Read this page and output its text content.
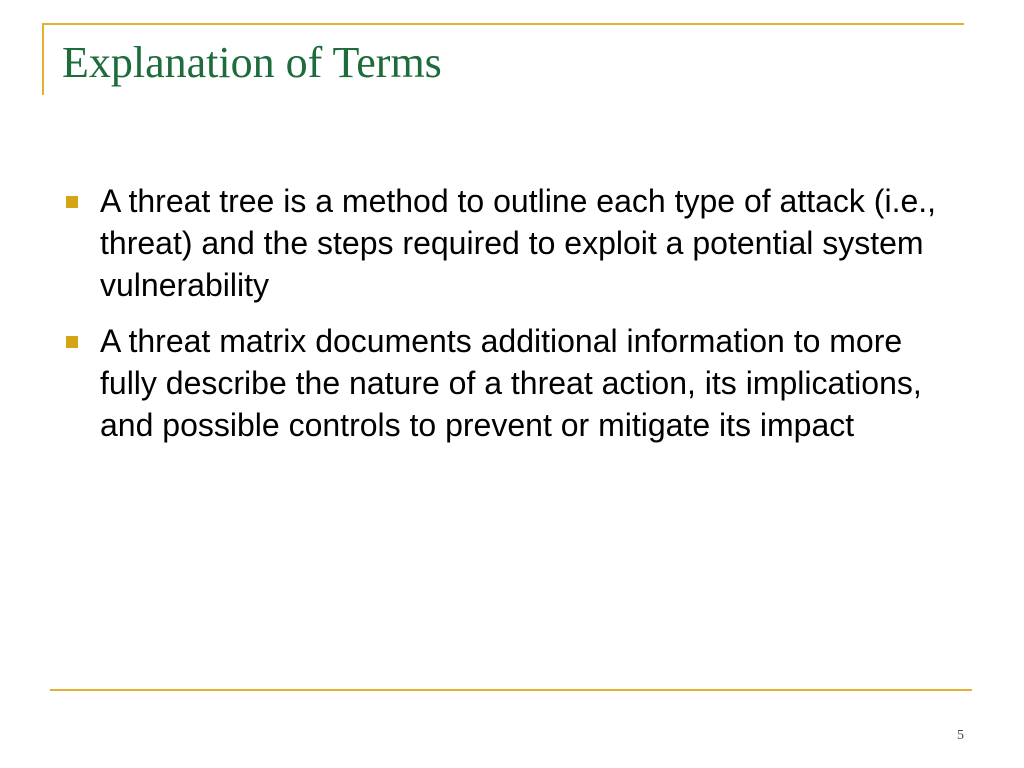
Explanation of Terms
A threat tree is a method to outline each type of attack (i.e., threat) and the steps required to exploit a potential system vulnerability
A threat matrix documents additional information to more fully describe the nature of a threat action, its implications, and possible controls to prevent or mitigate its impact
5
